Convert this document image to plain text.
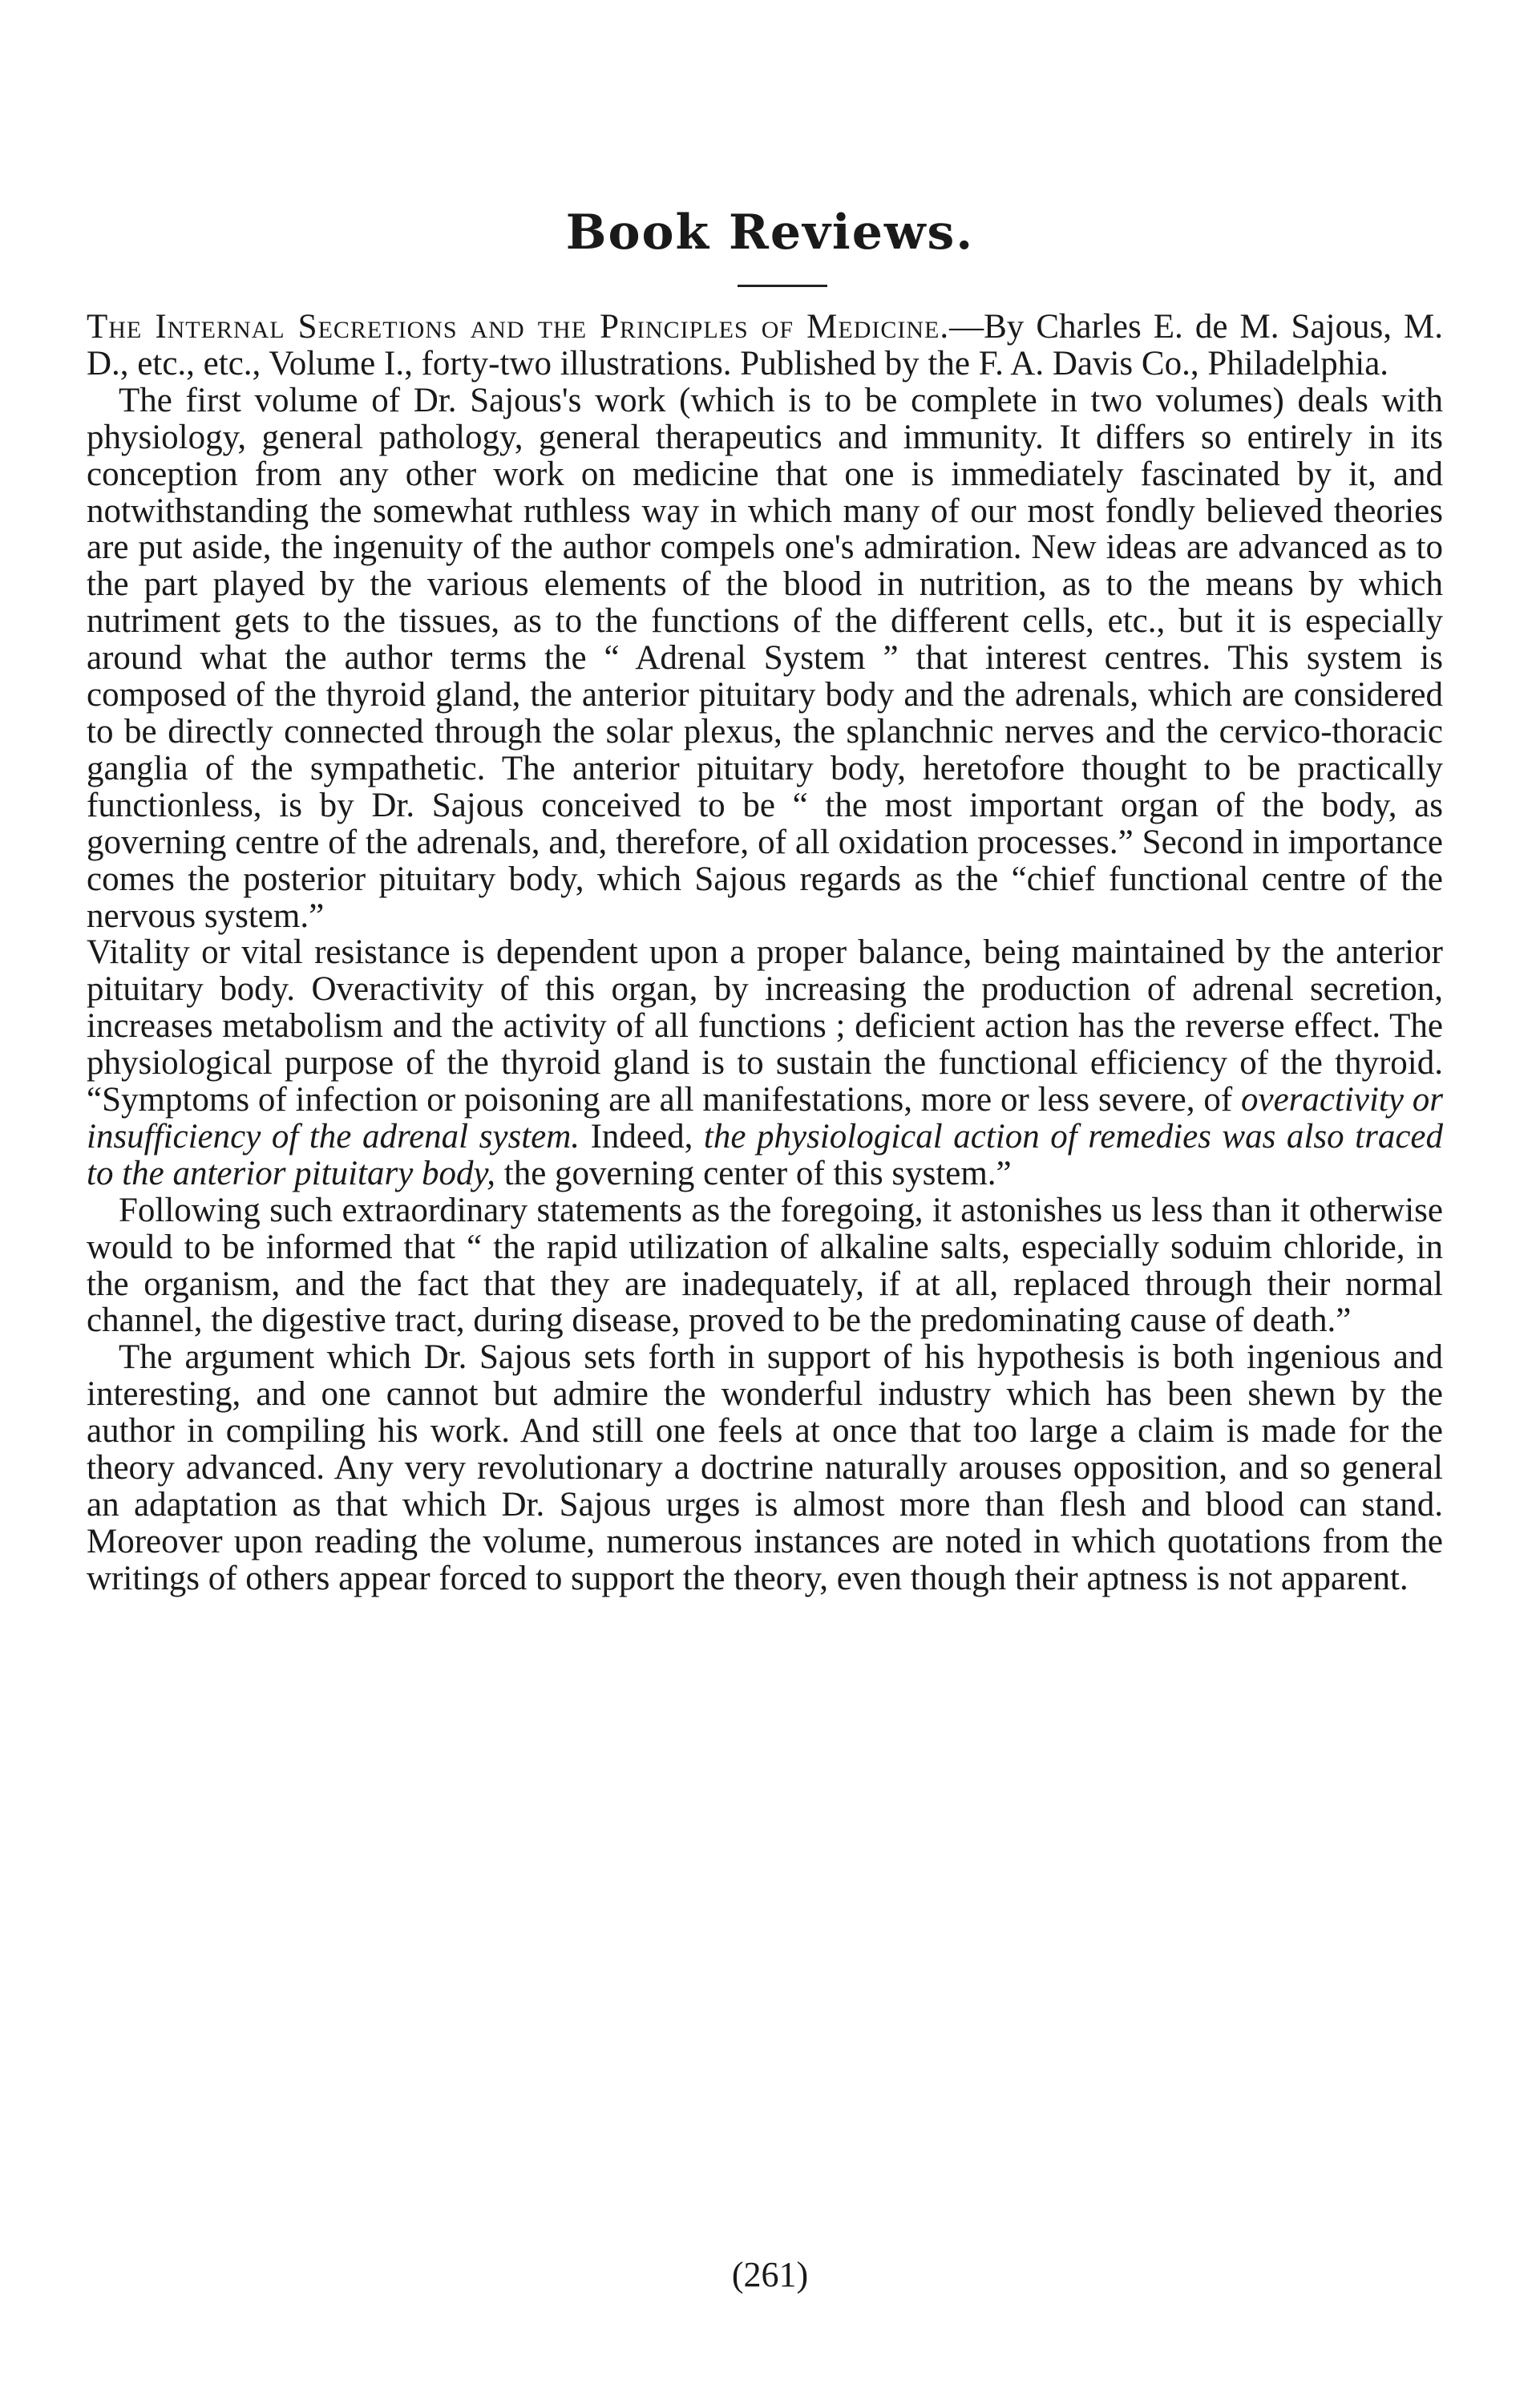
Book Reviews.

The Internal Secretions and the Principles of Medicine.—By Charles E. de M. Sajous, M. D., etc., etc., Volume I., forty-two illustrations. Published by the F. A. Davis Co., Philadelphia.

The first volume of Dr. Sajous's work (which is to be complete in two volumes) deals with physiology, general pathology, general therapeutics and immunity. It differs so entirely in its conception from any other work on medicine that one is immediately fascinated by it, and notwithstanding the somewhat ruthless way in which many of our most fondly believed theories are put aside, the ingenuity of the author compels one's admiration. New ideas are advanced as to the part played by the various elements of the blood in nutrition, as to the means by which nutriment gets to the tissues, as to the functions of the different cells, etc., but it is especially around what the author terms the “ Adrenal System ” that interest centres. This system is composed of the thyroid gland, the anterior pituitary body and the adrenals, which are considered to be directly connected through the solar plexus, the splanchnic nerves and the cervico-thoracic ganglia of the sympathetic. The anterior pituitary body, heretofore thought to be practically functionless, is by Dr. Sajous conceived to be “ the most important organ of the body, as governing centre of the adrenals, and, therefore, of all oxidation processes.” Second in importance comes the posterior pituitary body, which Sajous regards as the “chief functional centre of the nervous system.”

Vitality or vital resistance is dependent upon a proper balance, being maintained by the anterior pituitary body. Overactivity of this organ, by increasing the production of adrenal secretion, increases metabolism and the activity of all functions ; deficient action has the reverse effect. The physiological purpose of the thyroid gland is to sustain the functional efficiency of the thyroid. “Symptoms of infection or poisoning are all manifestations, more or less severe, of overactivity or insufficiency of the adrenal system. Indeed, the physiological action of remedies was also traced to the anterior pituitary body, the governing center of this system.”

Following such extraordinary statements as the foregoing, it astonishes us less than it otherwise would to be informed that “ the rapid utilization of alkaline salts, especially soduim chloride, in the organism, and the fact that they are inadequately, if at all, replaced through their normal channel, the digestive tract, during disease, proved to be the predominating cause of death.”

The argument which Dr. Sajous sets forth in support of his hypothesis is both ingenious and interesting, and one cannot but admire the wonderful industry which has been shewn by the author in compiling his work. And still one feels at once that too large a claim is made for the theory advanced. Any very revolutionary a doctrine naturally arouses opposition, and so general an adaptation as that which Dr. Sajous urges is almost more than flesh and blood can stand. Moreover upon reading the volume, numerous instances are noted in which quotations from the writings of others appear forced to support the theory, even though their aptness is not apparent.

(261)
